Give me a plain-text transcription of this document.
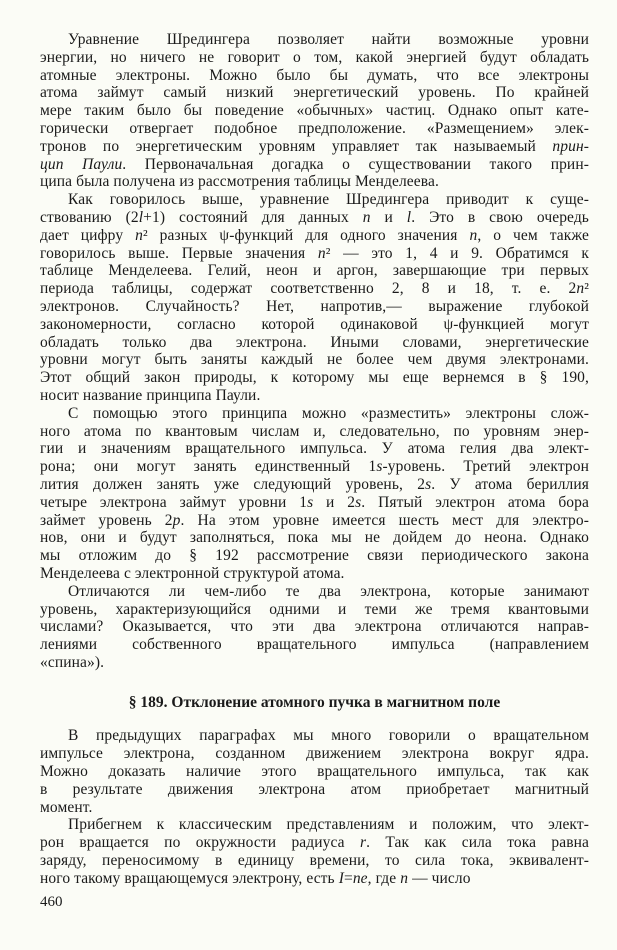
Уравнение Шредингера позволяет найти возможные уровни
энергии, но ничего не говорит о том, какой энергией будут обладать
атомные электроны. Можно было бы думать, что все электроны
атома займут самый низкий энергетический уровень. По крайней
мере таким было бы поведение «обычных» частиц. Однако опыт кате-
горически отвергает подобное предположение. «Размещением» элек-
тронов по энергетическим уровням управляет так называемый прин-
цип Паули. Первоначальная догадка о существовании такого прин-
ципа была получена из рассмотрения таблицы Менделеева.
Как говорилось выше, уравнение Шредингера приводит к суще-
ствованию (2l+1) состояний для данных n и l. Это в свою очередь
дает цифру n² разных ψ-функций для одного значения n, о чем также
говорилось выше. Первые значения n² — это 1, 4 и 9. Обратимся к
таблице Менделеева. Гелий, неон и аргон, завершающие три первых
периода таблицы, содержат соответственно 2, 8 и 18, т. е. 2n²
электронов. Случайность? Нет, напротив,— выражение глубокой
закономерности, согласно которой одинаковой ψ-функцией могут
обладать только два электрона. Иными словами, энергетические
уровни могут быть заняты каждый не более чем двумя электронами.
Этот общий закон природы, к которому мы еще вернемся в § 190,
носит название принципа Паули.
С помощью этого принципа можно «разместить» электроны слож-
ного атома по квантовым числам и, следовательно, по уровням энер-
гии и значениям вращательного импульса. У атома гелия два элект-
рона; они могут занять единственный 1s-уровень. Третий электрон
лития должен занять уже следующий уровень, 2s. У атома бериллия
четыре электрона займут уровни 1s и 2s. Пятый электрон атома бора
займет уровень 2p. На этом уровне имеется шесть мест для электро-
нов, они и будут заполняться, пока мы не дойдем до неона. Однако
мы отложим до § 192 рассмотрение связи периодического закона
Менделеева с электронной структурой атома.
Отличаются ли чем-либо те два электрона, которые занимают
уровень, характеризующийся одними и теми же тремя квантовыми
числами? Оказывается, что эти два электрона отличаются направ-
лениями собственного вращательного импульса (направлением
«спина»).
§ 189. Отклонение атомного пучка в магнитном поле
В предыдущих параграфах мы много говорили о вращательном
импульсе электрона, созданном движением электрона вокруг ядра.
Можно доказать наличие этого вращательного импульса, так как
в результате движения электрона атом приобретает магнитный
момент.
Прибегнем к классическим представлениям и положим, что элект-
рон вращается по окружности радиуса r. Так как сила тока равна
заряду, переносимому в единицу времени, то сила тока, эквивалент-
ного такому вращающемуся электрону, есть I=ne, где n — число
460
